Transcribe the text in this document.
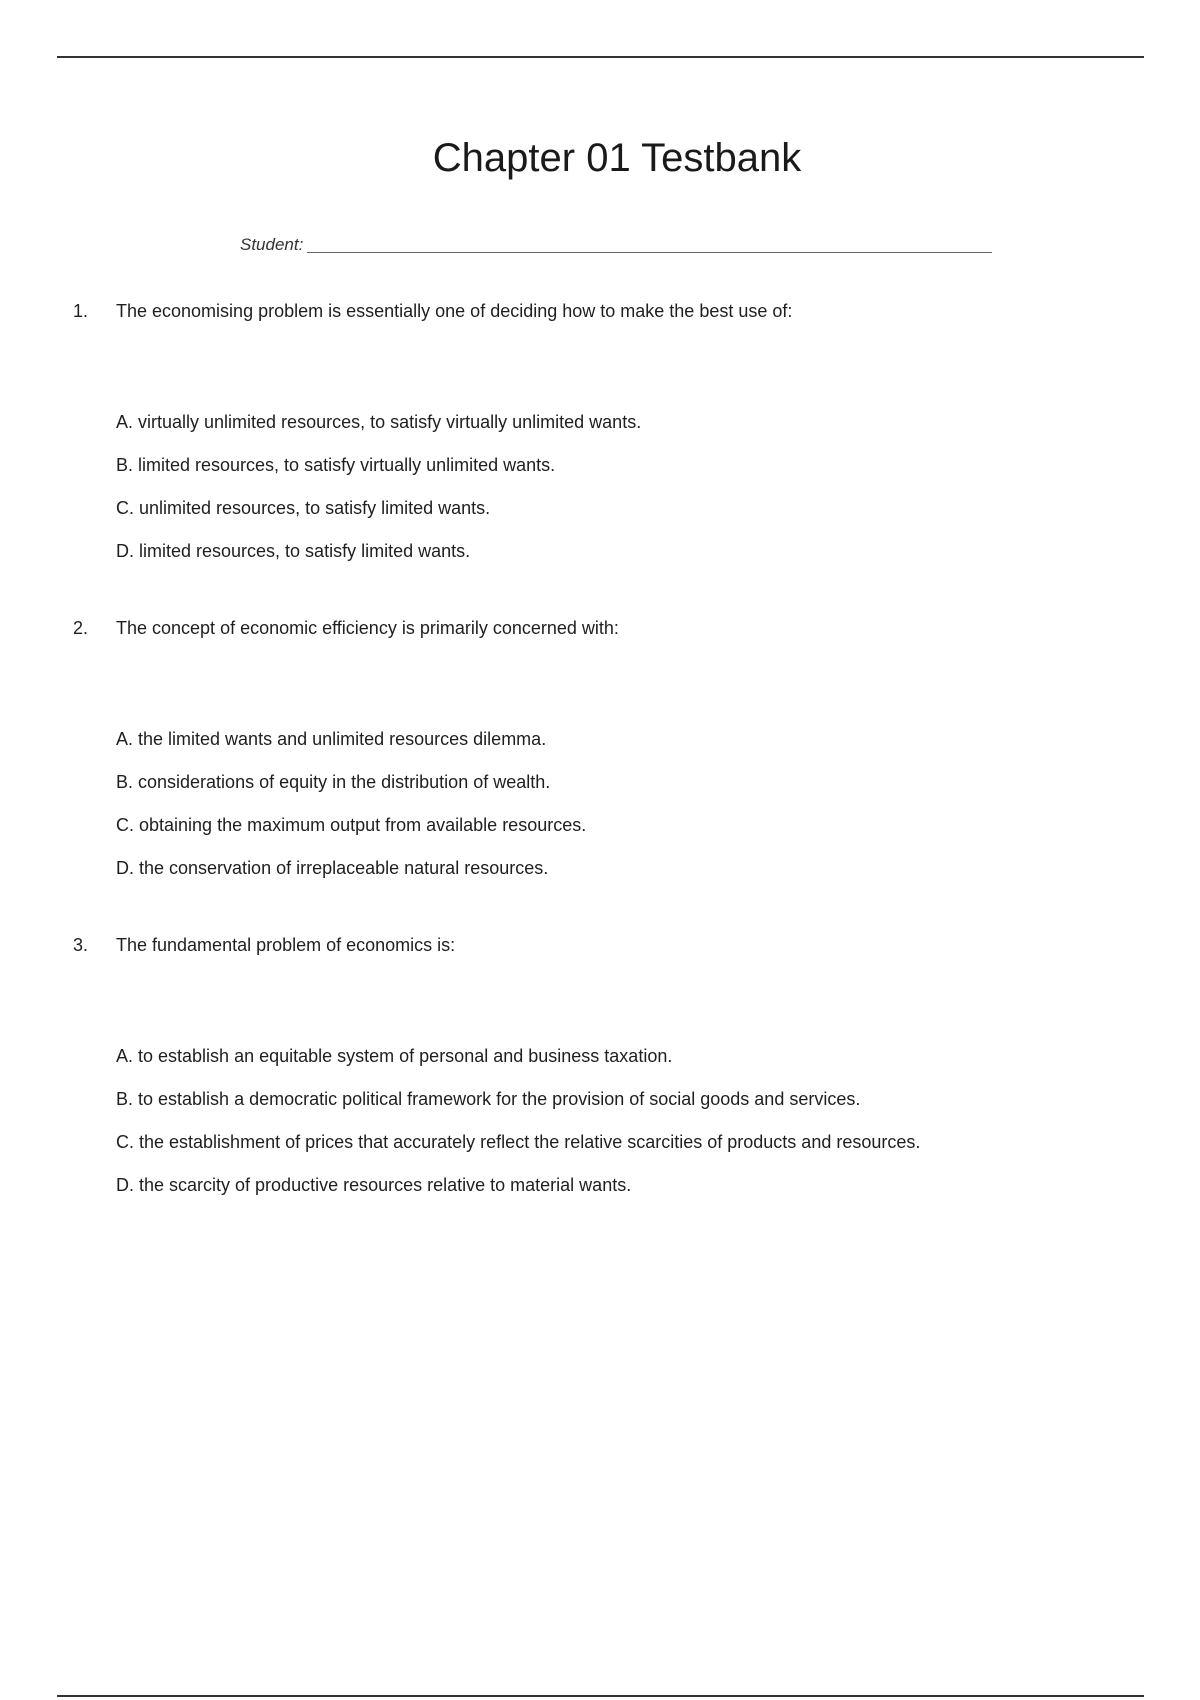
Chapter 01 Testbank
Student:
1. The economising problem is essentially one of deciding how to make the best use of:
A. virtually unlimited resources, to satisfy virtually unlimited wants.
B. limited resources, to satisfy virtually unlimited wants.
C. unlimited resources, to satisfy limited wants.
D. limited resources, to satisfy limited wants.
2. The concept of economic efficiency is primarily concerned with:
A. the limited wants and unlimited resources dilemma.
B. considerations of equity in the distribution of wealth.
C. obtaining the maximum output from available resources.
D. the conservation of irreplaceable natural resources.
3. The fundamental problem of economics is:
A. to establish an equitable system of personal and business taxation.
B. to establish a democratic political framework for the provision of social goods and services.
C. the establishment of prices that accurately reflect the relative scarcities of products and resources.
D. the scarcity of productive resources relative to material wants.
